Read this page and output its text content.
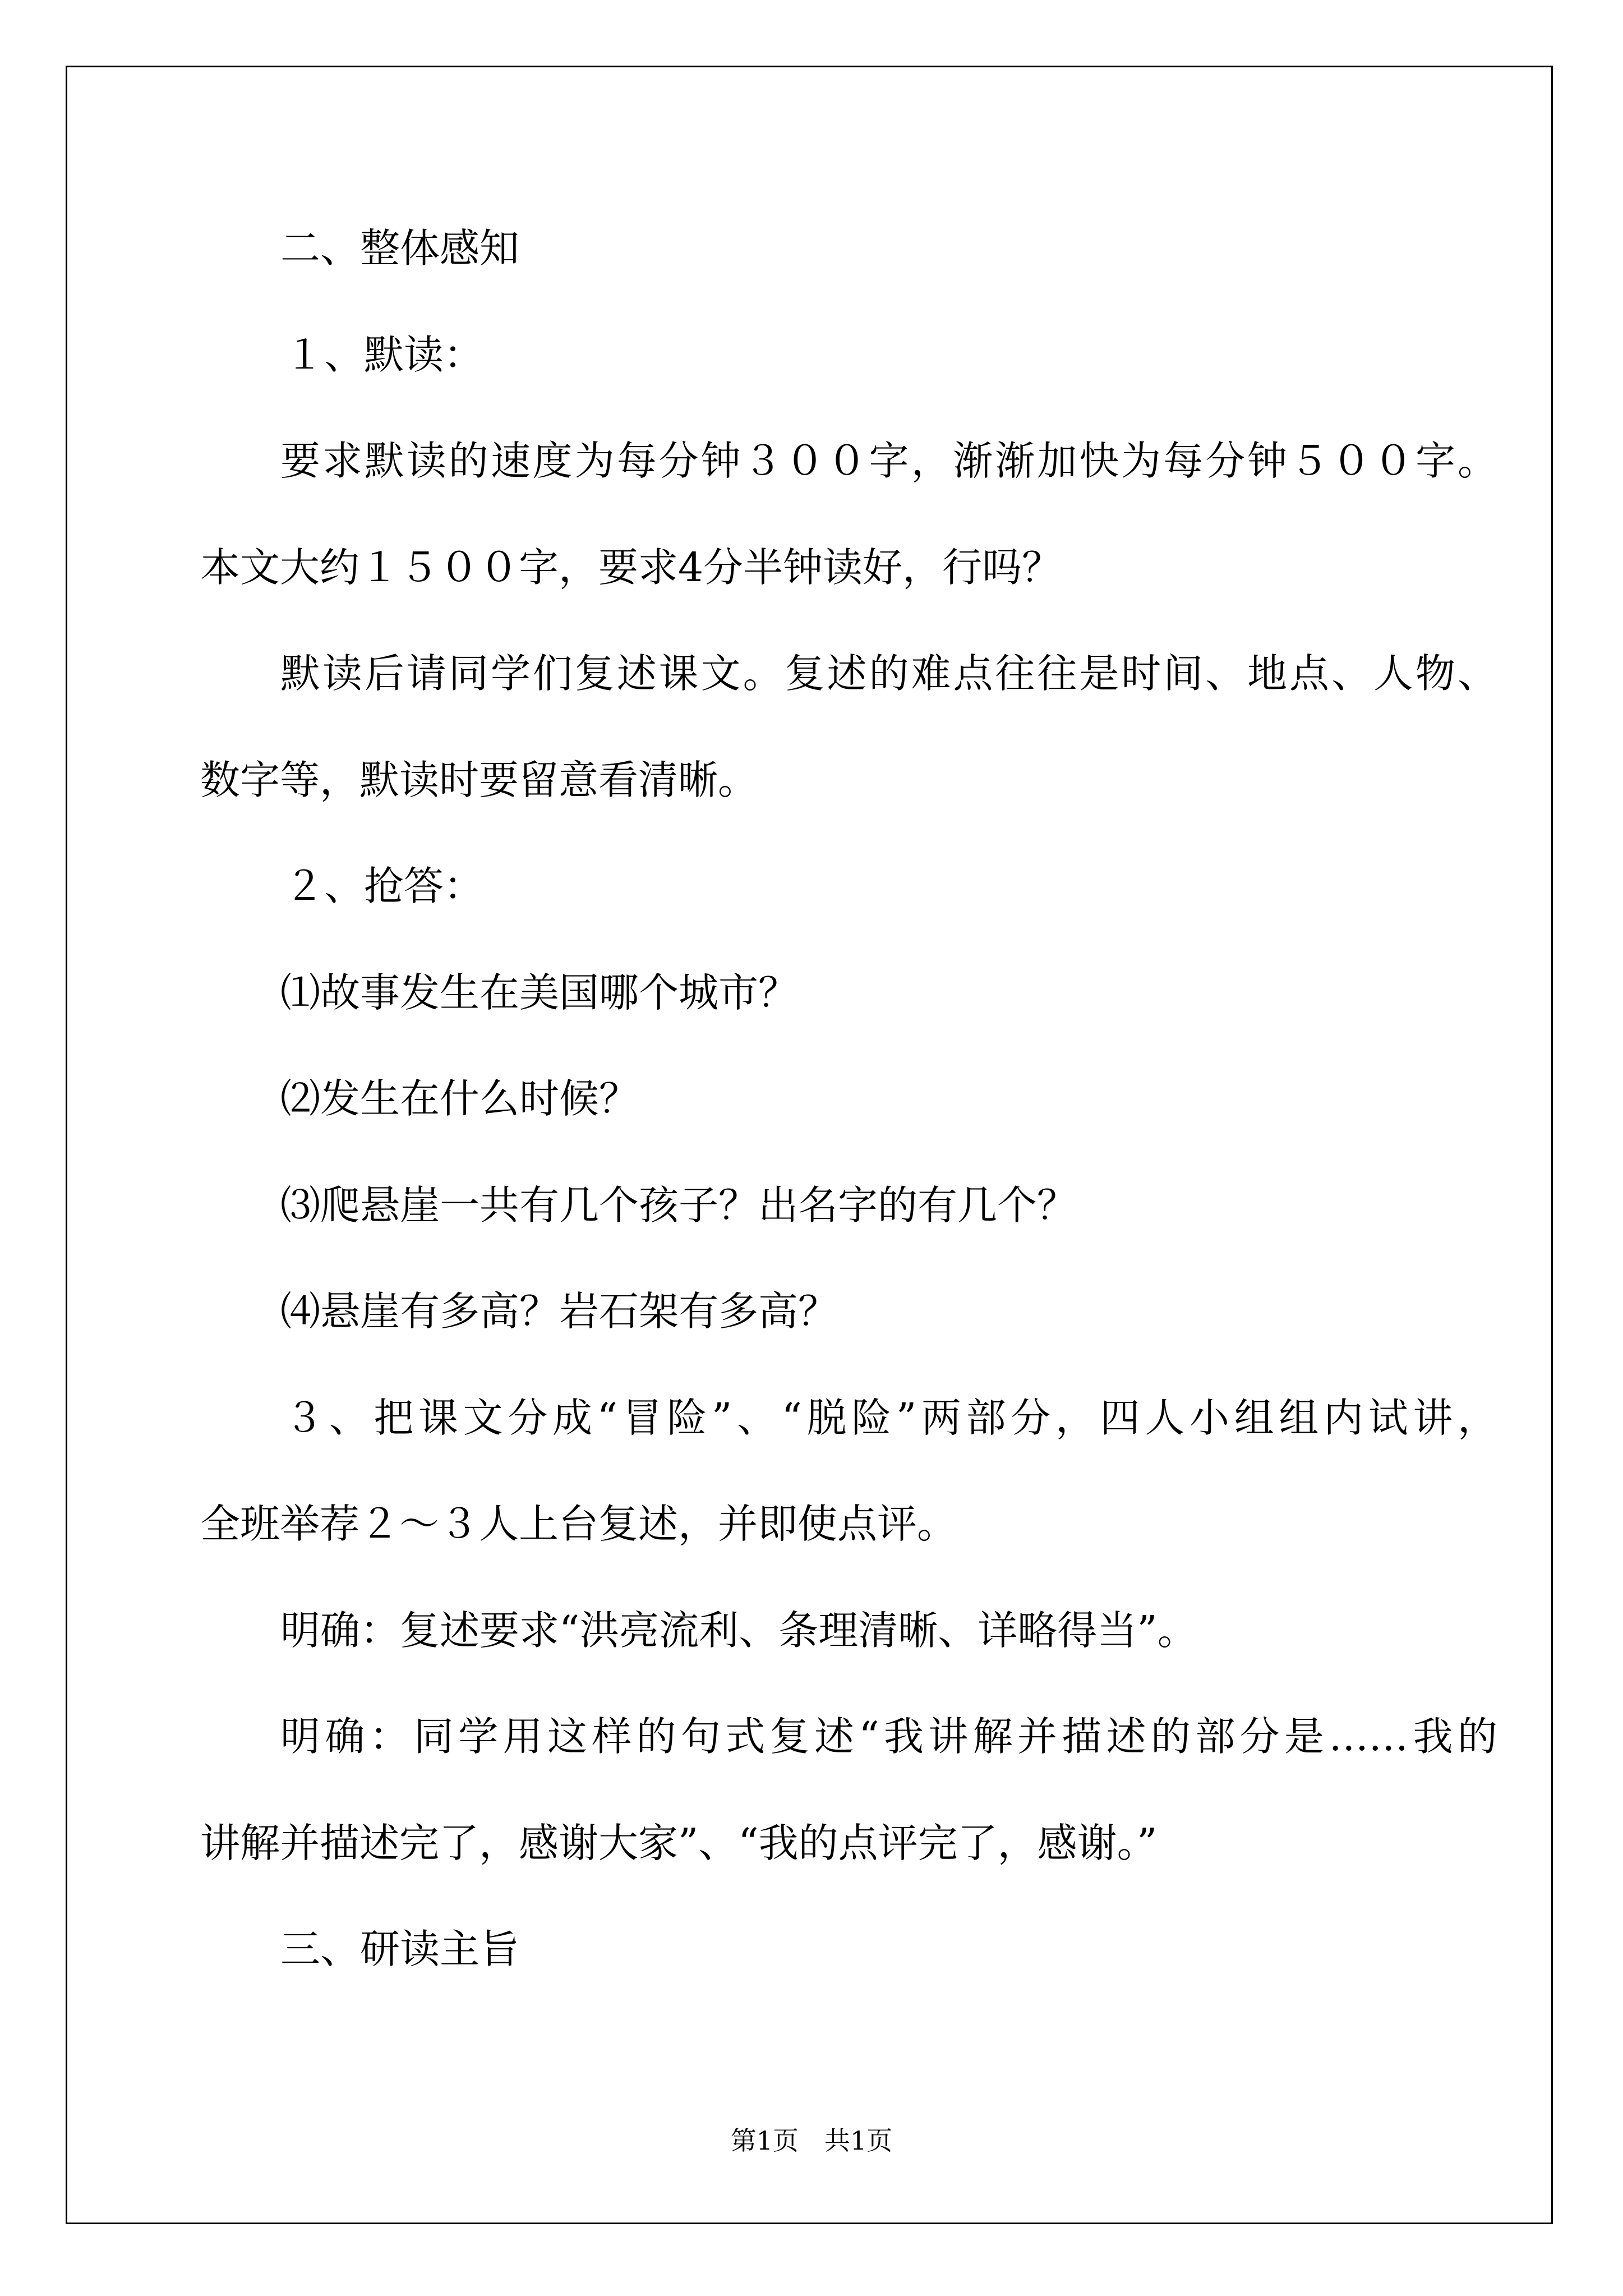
二、整体感知
１、默读：
要求默读的速度为每分钟３００字，渐渐加快为每分钟５００字。
本文大约１５００字，要求4分半钟读好，行吗？
默读后请同学们复述课文。复述的难点往往是时间、地点、人物、
数字等，默读时要留意看清晰。
２、抢答：
⑴故事发生在美国哪个城市？
⑵发生在什么时候？
⑶爬悬崖一共有几个孩子？出名字的有几个？
⑷悬崖有多高？岩石架有多高？
３、把课文分成“冒险”、“脱险”两部分，四人小组组内试讲，
全班举荐２～３人上台复述，并即使点评。
明确：复述要求“洪亮流利、条理清晰、详略得当”。
明确：同学用这样的句式复述“我讲解并描述的部分是……我的
讲解并描述完了，感谢大家”、“我的点评完了，感谢。”
三、研读主旨
第1页　共1页
